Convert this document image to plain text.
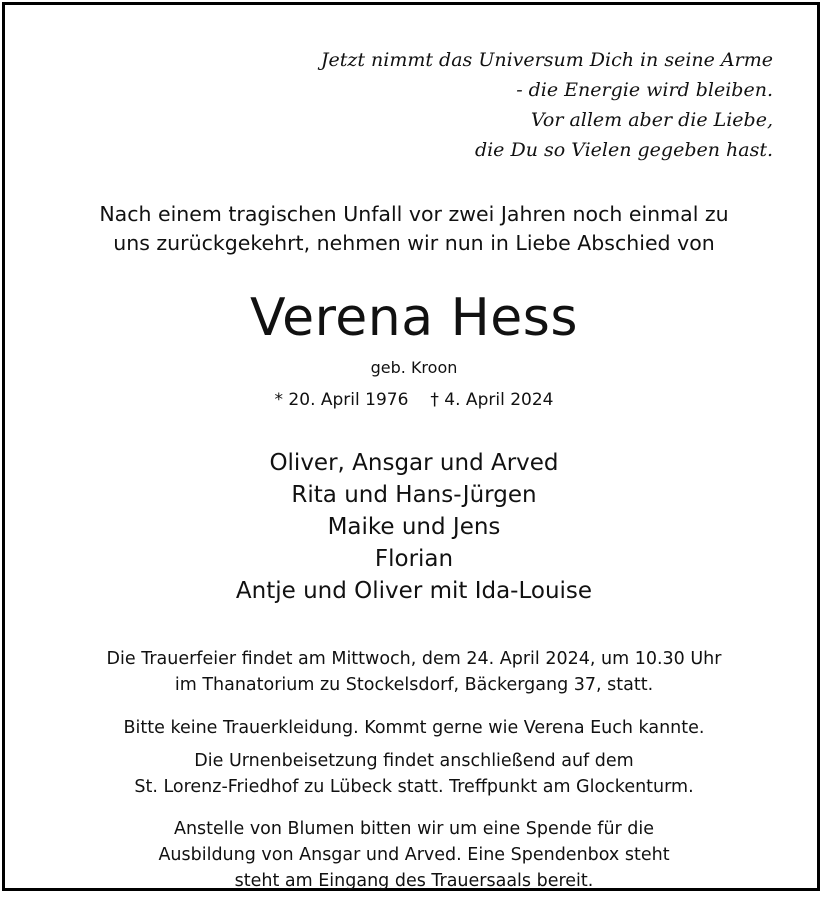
Jetzt nimmt das Universum Dich in seine Arme
- die Energie wird bleiben.
Vor allem aber die Liebe,
die Du so Vielen gegeben hast.
Nach einem tragischen Unfall vor zwei Jahren noch einmal zu
uns zurückgekehrt, nehmen wir nun in Liebe Abschied von
Verena Hess
geb. Kroon
* 20. April 1976 † 4. April 2024
Oliver, Ansgar und Arved
Rita und Hans-Jürgen
Maike und Jens
Florian
Antje und Oliver mit Ida-Louise
Die Trauerfeier findet am Mittwoch, dem 24. April 2024, um 10.30 Uhr
im Thanatorium zu Stockelsdorf, Bäckergang 37, statt.
Bitte keine Trauerkleidung. Kommt gerne wie Verena Euch kannte.
Die Urnenbeisetzung findet anschließend auf dem
St. Lorenz-Friedhof zu Lübeck statt. Treffpunkt am Glockenturm.
Anstelle von Blumen bitten wir um eine Spende für die
Ausbildung von Ansgar und Arved. Eine Spendenbox steht
steht am Eingang des Trauersaals bereit.
